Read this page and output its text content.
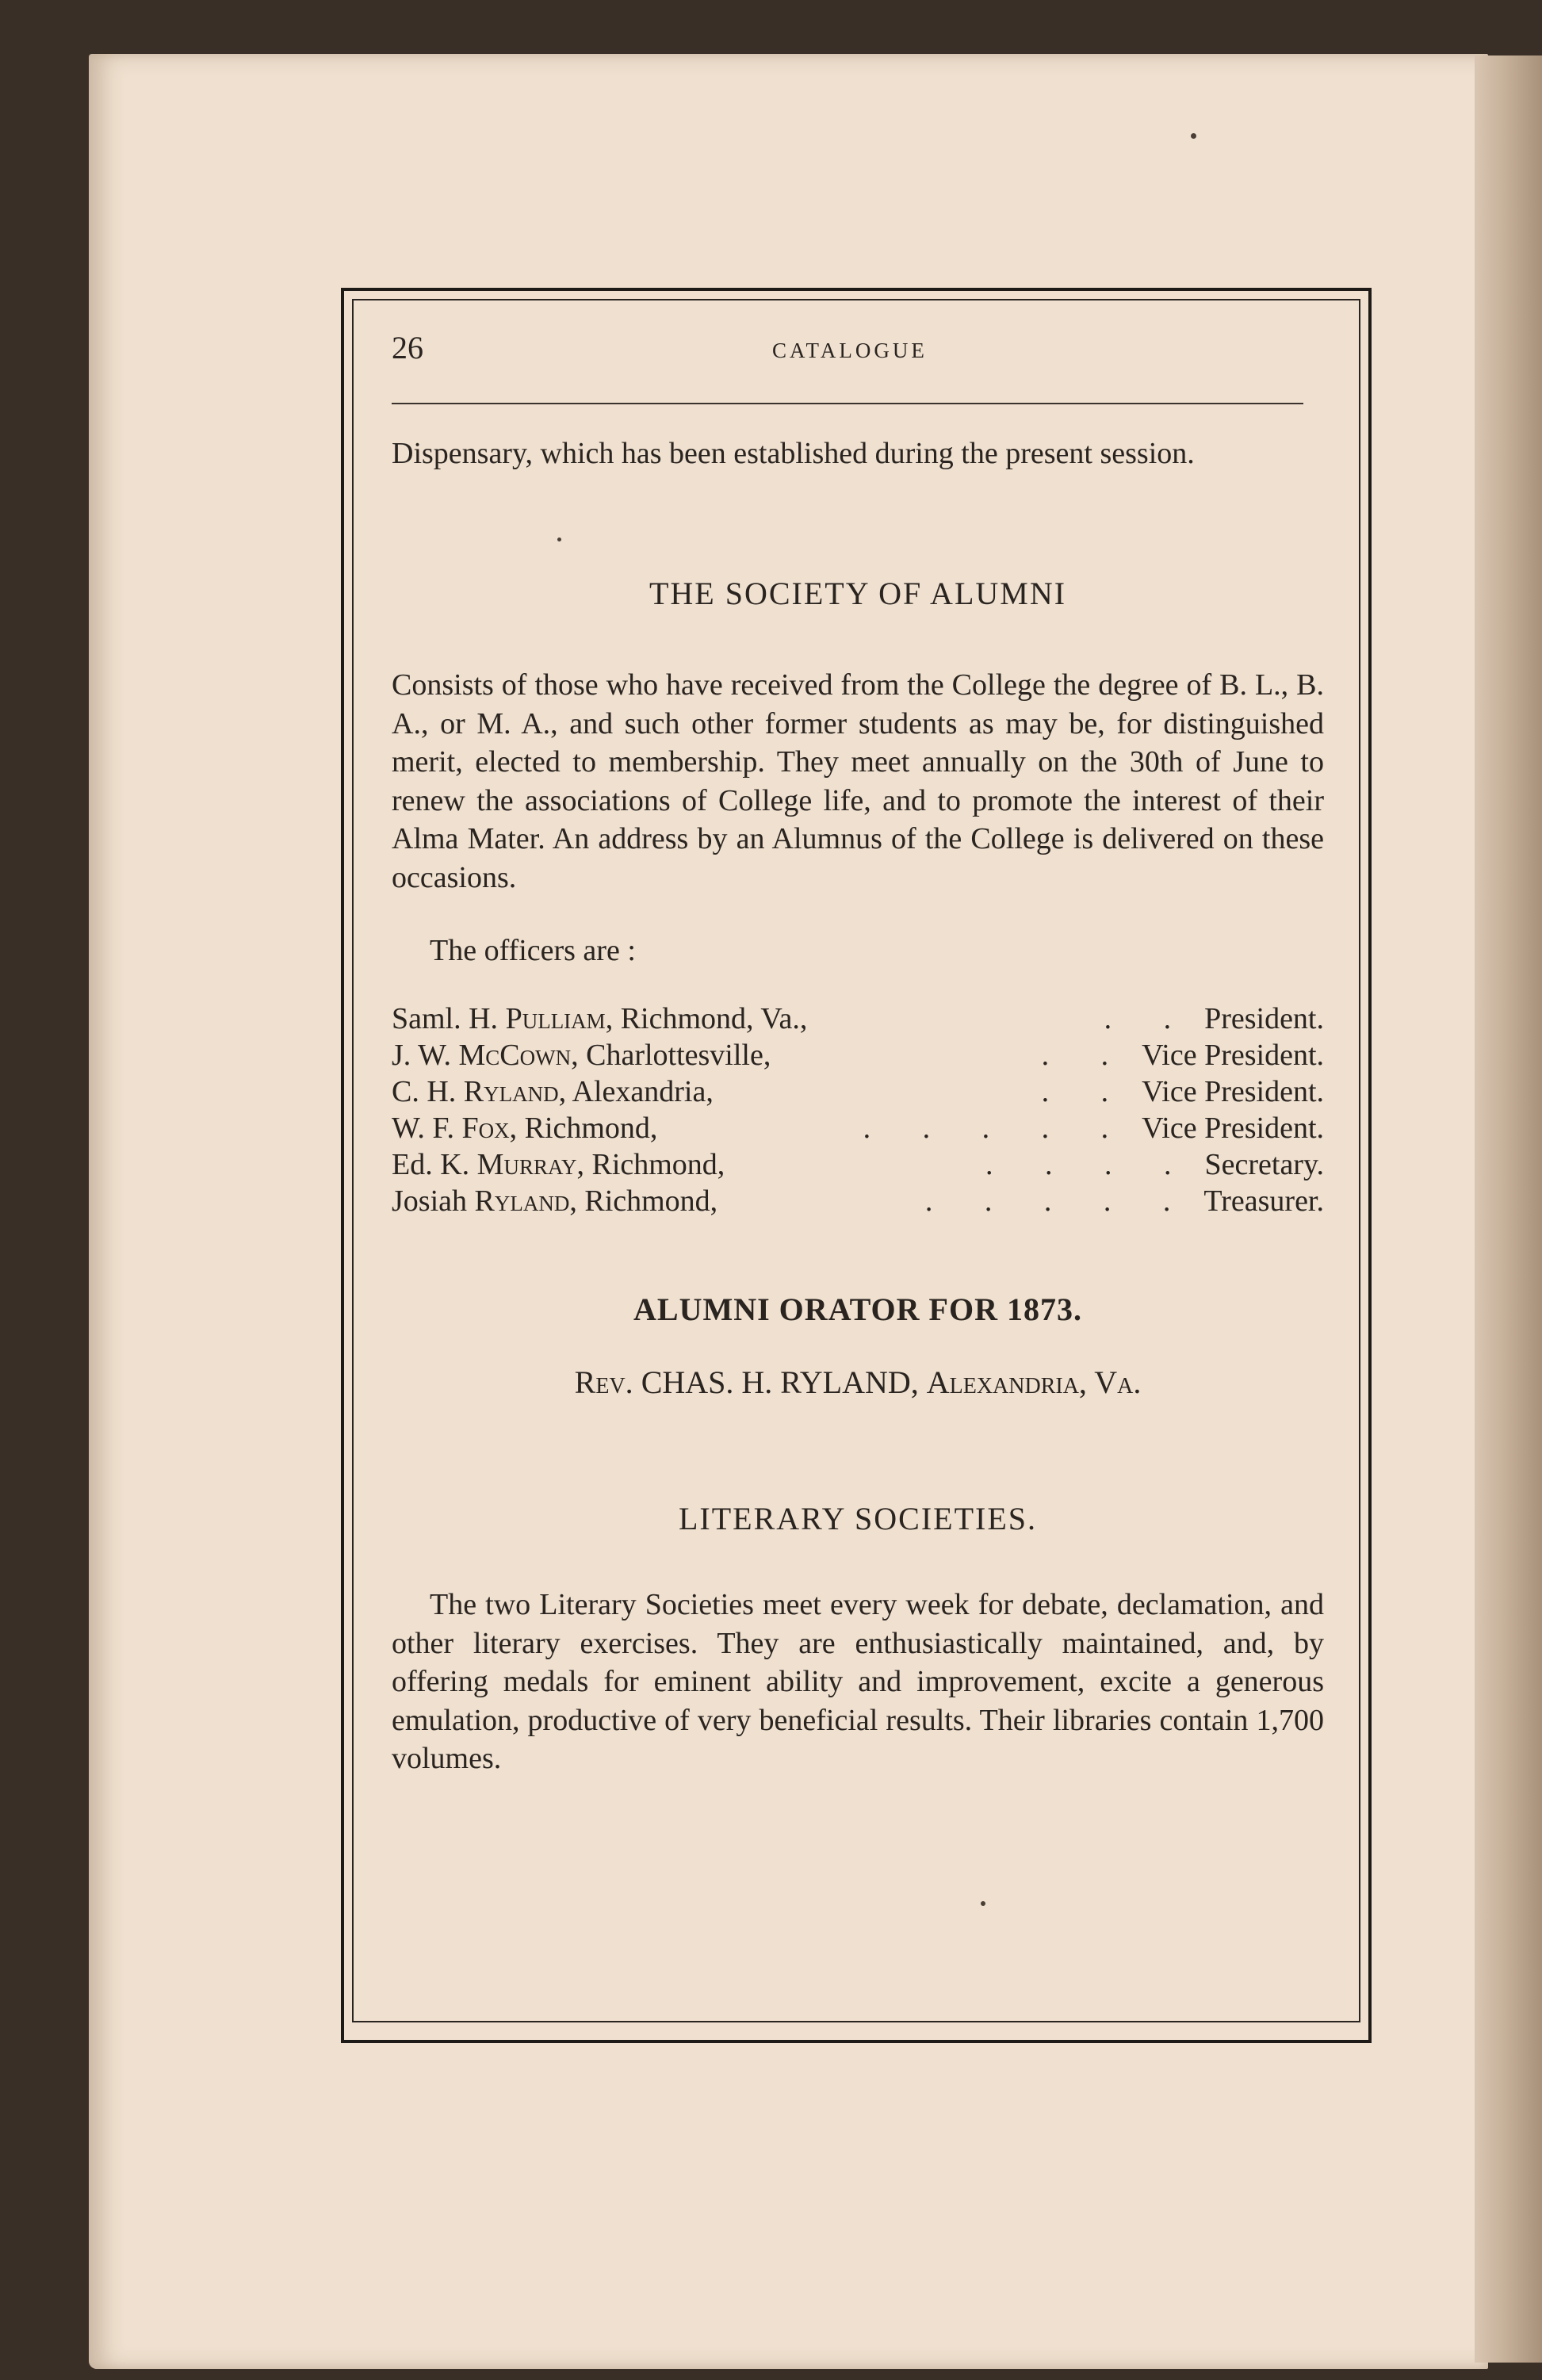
26	CATALOGUE

Dispensary, which has been established during the present session.

THE SOCIETY OF ALUMNI

Consists of those who have received from the College the degree of B. L., B. A., or M. A., and such other former students as may be, for distinguished merit, elected to membership. They meet annually on the 30th of June to renew the associations of College life, and to promote the interest of their Alma Mater. An address by an Alumnus of the College is delivered on these occasions.

The officers are :

Saml. H. Pulliam, Richmond, Va.,	. . President.
J. W. McCown, Charlottesville,	. . Vice President.
C. H. Ryland, Alexandria,	. . Vice President.
W. F. Fox, Richmond,	. . . . . Vice President.
Ed. K. Murray, Richmond,	. . . . Secretary.
Josiah Ryland, Richmond,	. . . . . Treasurer.
ALUMNI ORATOR FOR 1873.

Rev. CHAS. H. RYLAND, Alexandria, Va.

LITERARY SOCIETIES.

The two Literary Societies meet every week for debate, declamation, and other literary exercises. They are enthusiastically maintained, and, by offering medals for eminent ability and improvement, excite a generous emulation, productive of very beneficial results. Their libraries contain 1,700 volumes.
